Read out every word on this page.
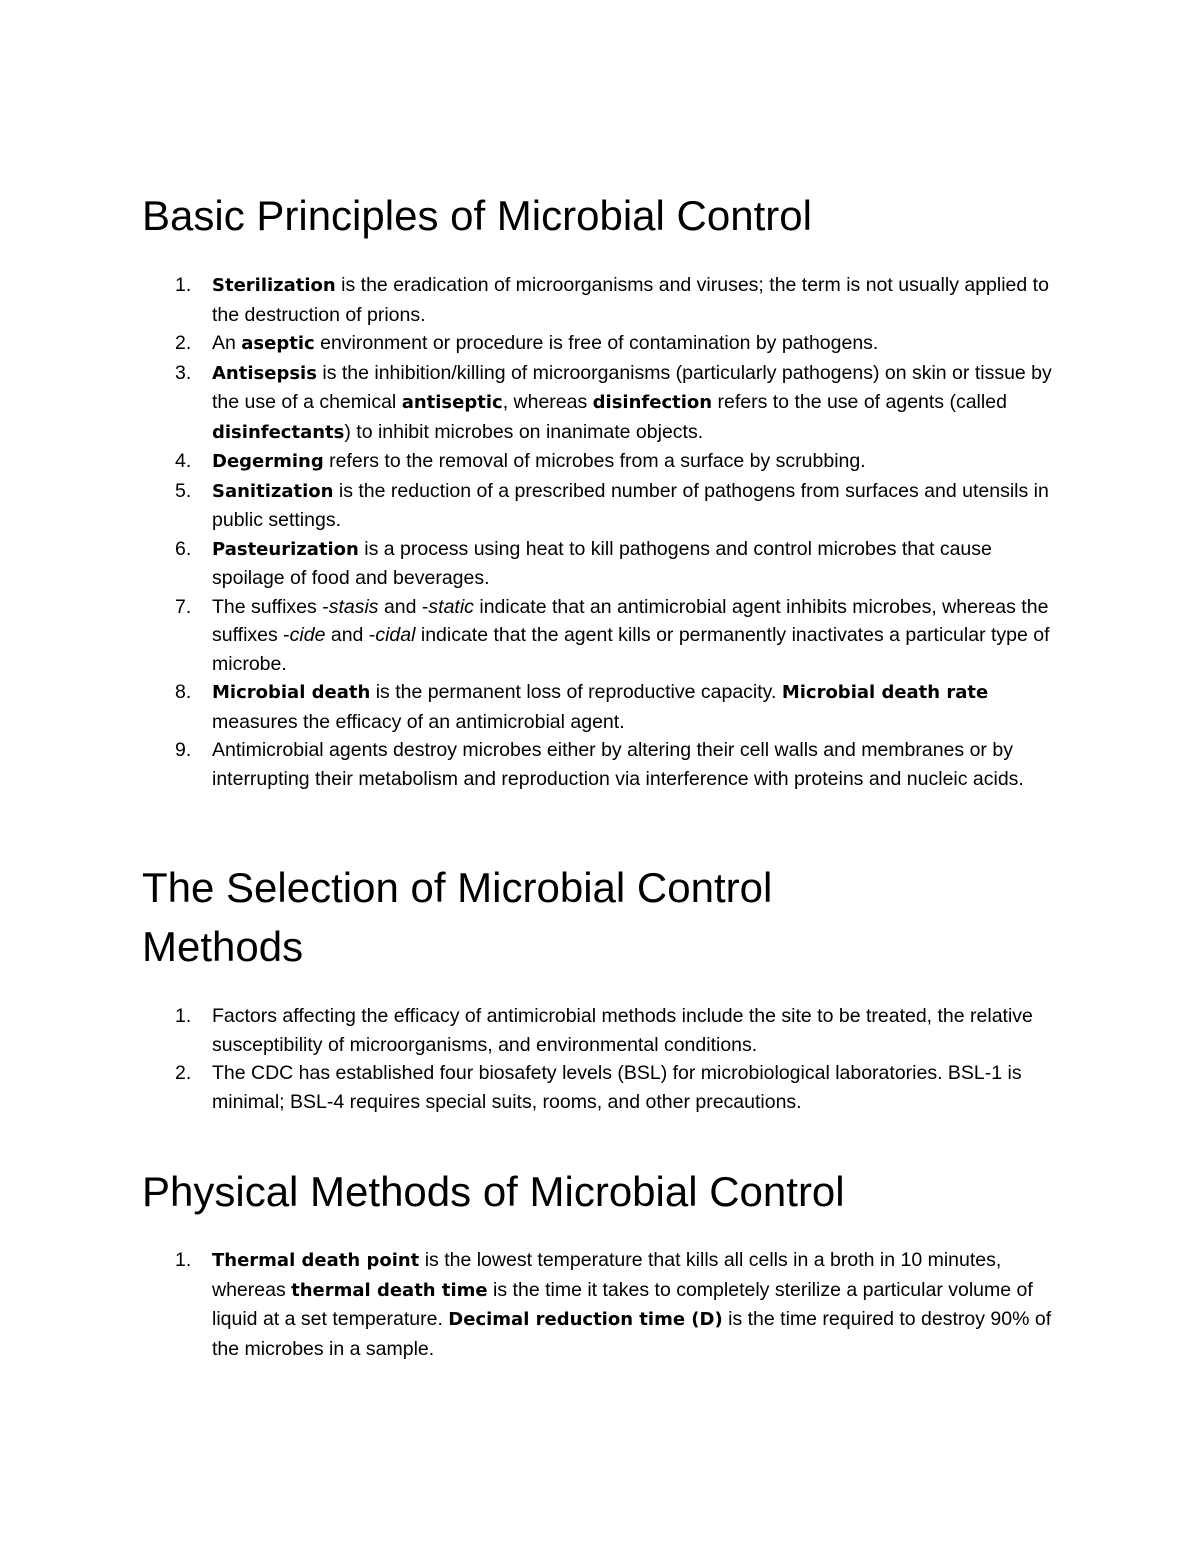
Basic Principles of Microbial Control
1. Sterilization is the eradication of microorganisms and viruses; the term is not usually applied to the destruction of prions.
2. An aseptic environment or procedure is free of contamination by pathogens.
3. Antisepsis is the inhibition/killing of microorganisms (particularly pathogens) on skin or tissue by the use of a chemical antiseptic, whereas disinfection refers to the use of agents (called disinfectants) to inhibit microbes on inanimate objects.
4. Degerming refers to the removal of microbes from a surface by scrubbing.
5. Sanitization is the reduction of a prescribed number of pathogens from surfaces and utensils in public settings.
6. Pasteurization is a process using heat to kill pathogens and control microbes that cause spoilage of food and beverages.
7. The suffixes -stasis and -static indicate that an antimicrobial agent inhibits microbes, whereas the suffixes -cide and -cidal indicate that the agent kills or permanently inactivates a particular type of microbe.
8. Microbial death is the permanent loss of reproductive capacity. Microbial death rate measures the efficacy of an antimicrobial agent.
9. Antimicrobial agents destroy microbes either by altering their cell walls and membranes or by interrupting their metabolism and reproduction via interference with proteins and nucleic acids.
The Selection of Microbial Control Methods
1. Factors affecting the efficacy of antimicrobial methods include the site to be treated, the relative susceptibility of microorganisms, and environmental conditions.
2. The CDC has established four biosafety levels (BSL) for microbiological laboratories. BSL-1 is minimal; BSL-4 requires special suits, rooms, and other precautions.
Physical Methods of Microbial Control
1. Thermal death point is the lowest temperature that kills all cells in a broth in 10 minutes, whereas thermal death time is the time it takes to completely sterilize a particular volume of liquid at a set temperature. Decimal reduction time (D) is the time required to destroy 90% of the microbes in a sample.
